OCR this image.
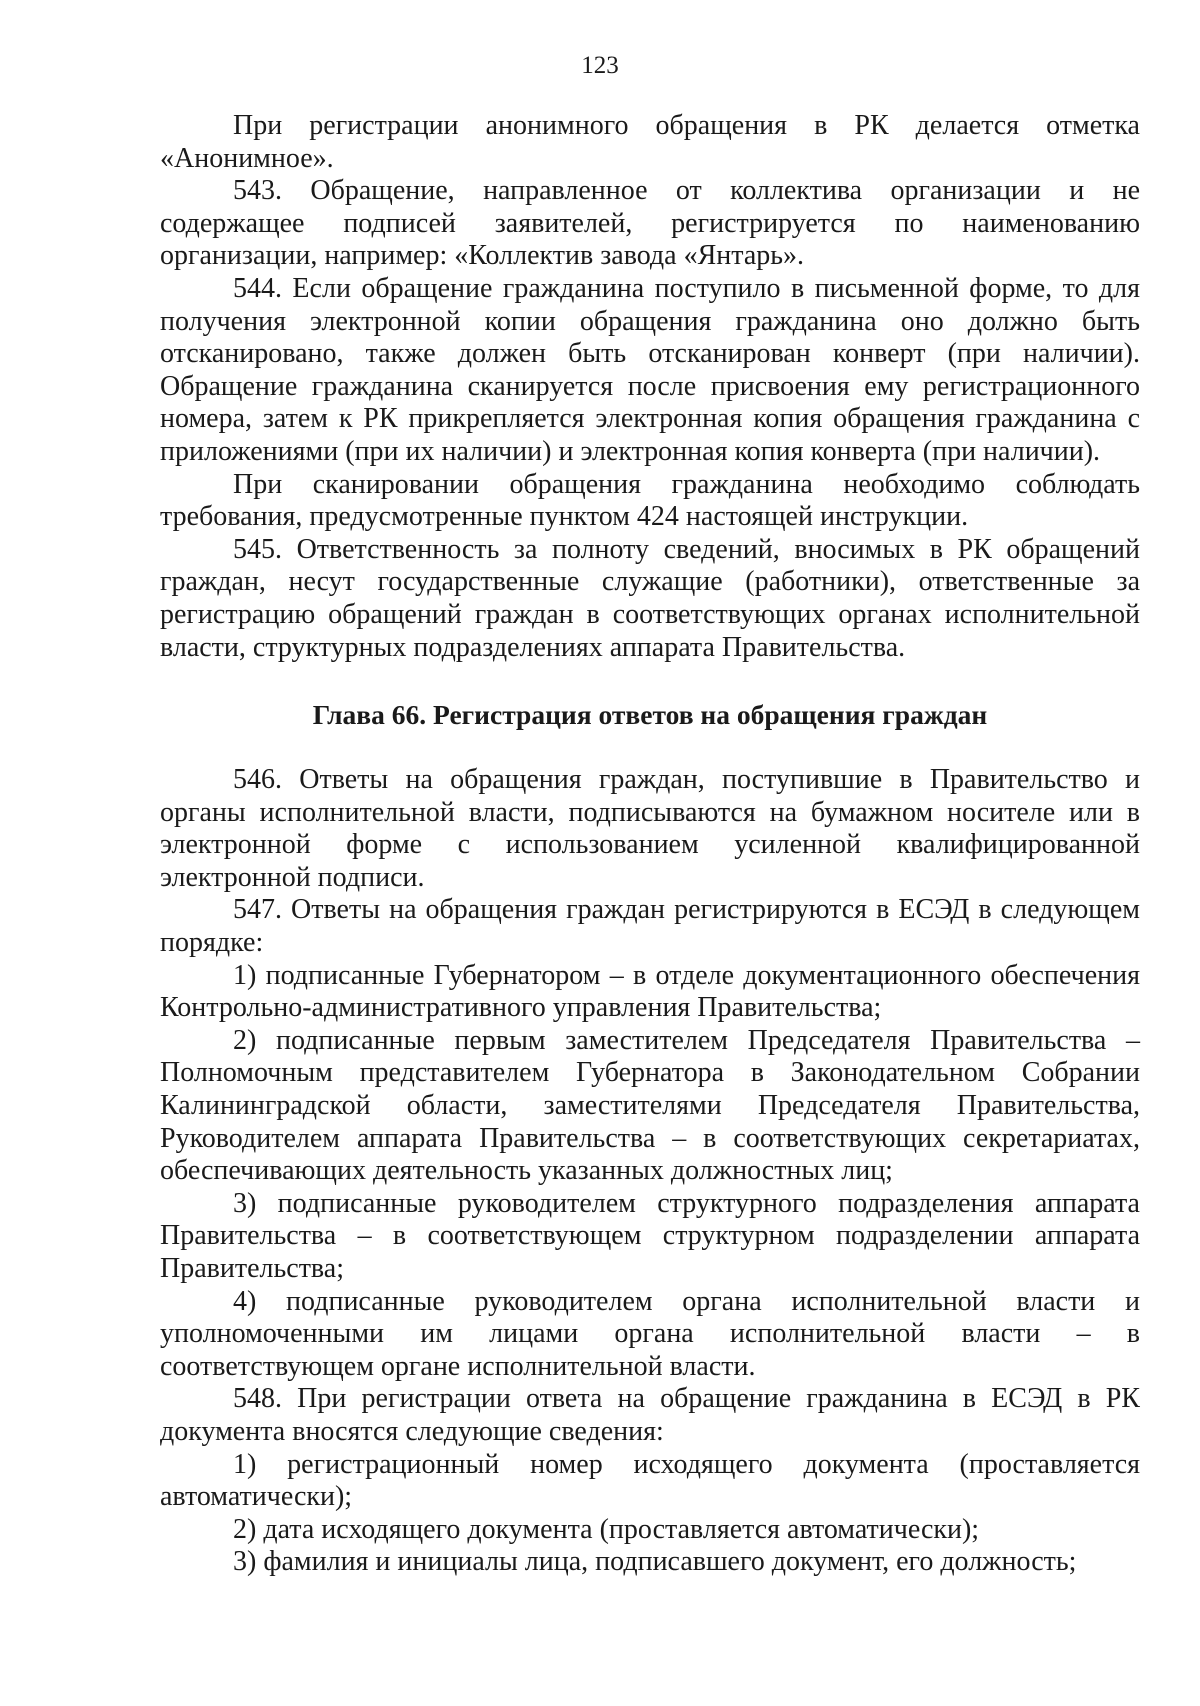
123

При регистрации анонимного обращения в РК делается отметка «Анонимное».

543. Обращение, направленное от коллектива организации и не содержащее подписей заявителей, регистрируется по наименованию организации, например: «Коллектив завода «Янтарь».

544. Если обращение гражданина поступило в письменной форме, то для получения электронной копии обращения гражданина оно должно быть отсканировано, также должен быть отсканирован конверт (при наличии). Обращение гражданина сканируется после присвоения ему регистрационного номера, затем к РК прикрепляется электронная копия обращения гражданина с приложениями (при их наличии) и электронная копия конверта (при наличии).

При сканировании обращения гражданина необходимо соблюдать требования, предусмотренные пунктом 424 настоящей инструкции.

545. Ответственность за полноту сведений, вносимых в РК обращений граждан, несут государственные служащие (работники), ответственные за регистрацию обращений граждан в соответствующих органах исполнительной власти, структурных подразделениях аппарата Правительства.

Глава 66. Регистрация ответов на обращения граждан

546. Ответы на обращения граждан, поступившие в Правительство и органы исполнительной власти, подписываются на бумажном носителе или в электронной форме с использованием усиленной квалифицированной электронной подписи.

547. Ответы на обращения граждан регистрируются в ЕСЭД в следующем порядке:

1) подписанные Губернатором – в отделе документационного обеспечения Контрольно-административного управления Правительства;

2) подписанные первым заместителем Председателя Правительства – Полномочным представителем Губернатора в Законодательном Собрании Калининградской области, заместителями Председателя Правительства, Руководителем аппарата Правительства – в соответствующих секретариатах, обеспечивающих деятельность указанных должностных лиц;

3) подписанные руководителем структурного подразделения аппарата Правительства – в соответствующем структурном подразделении аппарата Правительства;

4) подписанные руководителем органа исполнительной власти и уполномоченными им лицами органа исполнительной власти – в соответствующем органе исполнительной власти.

548. При регистрации ответа на обращение гражданина в ЕСЭД в РК документа вносятся следующие сведения:

1) регистрационный номер исходящего документа (проставляется автоматически);

2) дата исходящего документа (проставляется автоматически);

3) фамилия и инициалы лица, подписавшего документ, его должность;
